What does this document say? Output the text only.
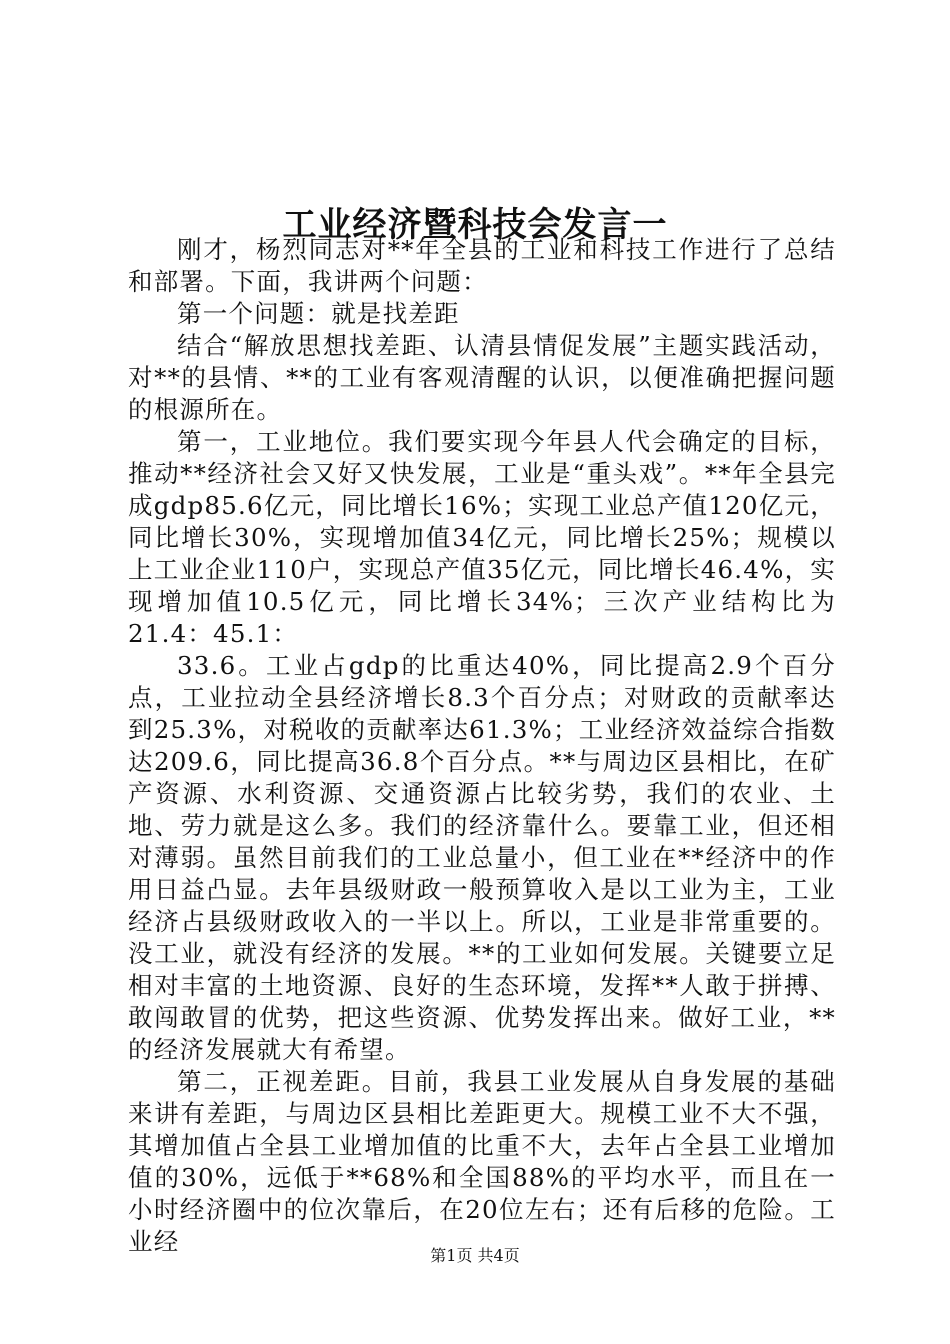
工业经济暨科技会发言一

刚才，杨烈同志对**年全县的工业和科技工作进行了总结和部署。下面，我讲两个问题：

第一个问题：就是找差距

结合“解放思想找差距、认清县情促发展”主题实践活动，对**的县情、**的工业有客观清醒的认识，以便准确把握问题的根源所在。

第一，工业地位。我们要实现今年县人代会确定的目标，推动**经济社会又好又快发展，工业是“重头戏”。**年全县完成gdp85.6亿元，同比增长16%；实现工业总产值120亿元，同比增长30%，实现增加值34亿元，同比增长25%；规模以上工业企业110户，实现总产值35亿元，同比增长46.4%，实现增加值10.5亿元，同比增长34%；三次产业结构比为21.4：45.1：

33.6。工业占gdp的比重达40%，同比提高2.9个百分点，工业拉动全县经济增长8.3个百分点；对财政的贡献率达到25.3%，对税收的贡献率达61.3%；工业经济效益综合指数达209.6，同比提高36.8个百分点。**与周边区县相比，在矿产资源、水利资源、交通资源占比较劣势，我们的农业、土地、劳力就是这么多。我们的经济靠什么。要靠工业，但还相对薄弱。虽然目前我们的工业总量小，但工业在**经济中的作用日益凸显。去年县级财政一般预算收入是以工业为主，工业经济占县级财政收入的一半以上。所以，工业是非常重要的。没工业，就没有经济的发展。**的工业如何发展。关键要立足相对丰富的土地资源、良好的生态环境，发挥**人敢于拼搏、敢闯敢冒的优势，把这些资源、优势发挥出来。做好工业，**的经济发展就大有希望。

第二，正视差距。目前，我县工业发展从自身发展的基础来讲有差距，与周边区县相比差距更大。规模工业不大不强，其增加值占全县工业增加值的比重不大，去年占全县工业增加值的30%，远低于**68%和全国88%的平均水平，而且在一小时经济圈中的位次靠后，在20位左右；还有后移的危险。工业经	第1页 共4页
